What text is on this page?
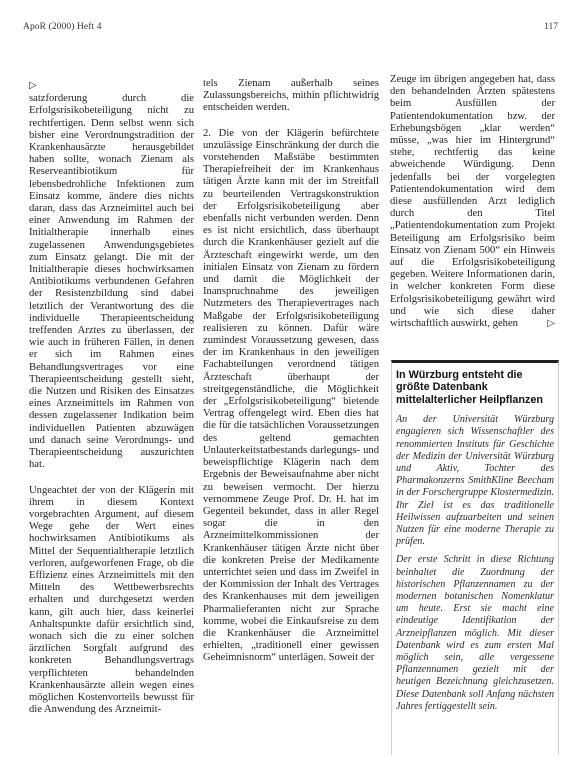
ApoR (2000) Heft 4	117
▷

satzforderung durch die Erfolgsrisikobeteiligung nicht zu rechtfertigen. Denn selbst wenn sich bisher eine Verordnungstradition der Krankenhausärzte herausgebildet haben sollte, wonach Zienam als Reserveantibiotikum für lebensbedrohliche Infektionen zum Einsatz komme, ändere dies nichts daran, dass das Arzneimittel auch bei einer Anwendung im Rahmen der Initialtherapie innerhalb eines zugelassenen Anwendungsgebietes zum Einsatz gelangt. Die mit der Initialtherapie dieses hochwirksamen Antibiotikums verbundenen Gefahren der Resistenzbildung sind dabei letztlich der Verantwortung des die individuelle Therapieentscheidung treffenden Arztes zu überlassen, der wie auch in früheren Fällen, in denen er sich im Rahmen eines Behandlungsvertrages vor eine Therapieentscheidung gestellt sieht, die Nutzen und Risiken des Einsatzes eines Arzneimittels im Rahmen von dessen zugelassener Indikation beim individuellen Patienten abzuwägen und danach seine Verordnungs- und Therapieentscheidung auszurichten hat.

Ungeachtet der von der Klägerin mit ihrem in diesem Kontext vorgebrachten Argument, auf diesem Wege gehe der Wert eines hochwirksamen Antibiotikums als Mittel der Sequentialtherapie letztlich verloren, aufgeworfenen Frage, ob die Effizienz eines Arzneimittels mit den Mitteln des Wettbewerbsrechts erhalten und durchgesetzt werden kann, gilt auch hier, dass keinerlei Anhaltspunkte dafür ersichtlich sind, wonach sich die zu einer solchen ärztlichen Sorgfalt aufgrund des konkreten Behandlungsvertrags verpflichteten behandelnden Krankenhausärzte allein wegen eines möglichen Kostenvorteils bewusst für die Anwendung des Arzneimit-

tels Zienam außerhalb seines Zulassungsbereichs, mithin pflichtwidrig entscheiden werden.

2. Die von der Klägerin befürchtete unzulässige Einschränkung der durch die vorstehenden Maßstäbe bestimmten Therapiefreiheit der im Krankenhaus tätigen Ärzte kann mit der im Streitfall zu beurteilenden Vertragskonstruktion der Erfolgsrisikobeteiligung aber ebenfalls nicht verbunden werden. Denn es ist nicht ersichtlich, dass überhaupt durch die Krankenhäuser gezielt auf die Ärzteschaft eingewirkt werde, um den initialen Einsatz von Zienam zu fördern und damit die Möglichkeit der Inanspruchnahme des jeweiligen Nutzmeters des Therapievertrages nach Maßgabe der Erfolgsrisikobeteiligung realisieren zu können. Dafür wäre zumindest Voraussetzung gewesen, dass der im Krankenhaus in den jeweiligen Fachabteilungen verordnend tätigen Ärzteschaft überhaupt der streitgegenständliche, die Möglichkeit der „Erfolgsrisikobeteiligung“ bietende Vertrag offengelegt wird. Eben dies hat die für die tatsächlichen Voraussetzungen des geltend gemachten Unlauterkeitstatbestands darlegungs- und beweispflichtige Klägerin nach dem Ergebnis der Beweisaufnahme aber nicht zu beweisen vermocht. Der hierzu vernommene Zeuge Prof. Dr. H. hat im Gegenteil bekundet, dass in aller Regel sogar die in den Arzneimittelkommissionen der Krankenhäuser tätigen Ärzte nicht über die konkreten Preise der Medikamente unterrichtet seien und dass im Zweifel in der Kommission der Inhalt des Vertrages des Krankenhauses mit dem jeweiligen Pharmalieferanten nicht zur Sprache komme, wobei die Einkaufsreise zu dem die Krankenhäuser die Arzneimittel erhielten, „traditionell einer gewissen Geheimnisnorm“ unterlägen. Soweit der

Zeuge im übrigen angegeben hat, dass den behandelnden Ärzten spätestens beim Ausfüllen der Patientendokumentation bzw. der Erhebungsbögen „klar werden“ müsse, „was hier im Hintergrund“ stehe, rechtfertig das keine abweichende Würdigung. Denn jedenfalls bei der vorgelegten Patientendokumentation wird dem diese ausfüllenden Arzt lediglich durch den Titel „Patientendokumentation zum Projekt Beteiligung am Erfolgsrisiko beim Einsatz von Zienam 500“ ein Hinweis auf die Erfolgsrisikobeteiligung gegeben. Weitere Informationen darin, in welcher konkreten Form diese Erfolgsrisikobeteiligung gewährt wird und wie sich diese daher wirtschaftlich auswirkt, gehen	▷
In Würzburg entsteht die größte Datenbank mittelalterlicher Heilpflanzen

An der Universität Würzburg engagieren sich Wissenschaftler des renommierten Instituts für Geschichte der Medizin der Universität Würzburg und Aktiv, Tochter des Pharmakonzerns SmithKline Beecham in der Forschergruppe Klostermedizin. Ihr Ziel ist es das traditionelle Heilwissen aufzuarbeiten und seinen Nutzen für eine moderne Therapie zu prüfen.

Der erste Schritt in diese Richtung beinhaltet die Zuordnung der historischen Pflanzennamen zu der modernen botanischen Nomenklatur um heute. Erst sie macht eine eindeutige Identifikation der Arzneipflanzen möglich. Mit dieser Datenbank wird es zum ersten Mal möglich sein, alle vergessene Pflanzennamen gezielt mit der heutigen Bezeichnung gleichzusetzen. Diese Datenbank soll Anfang nächsten Jahres fertiggestellt sein.
